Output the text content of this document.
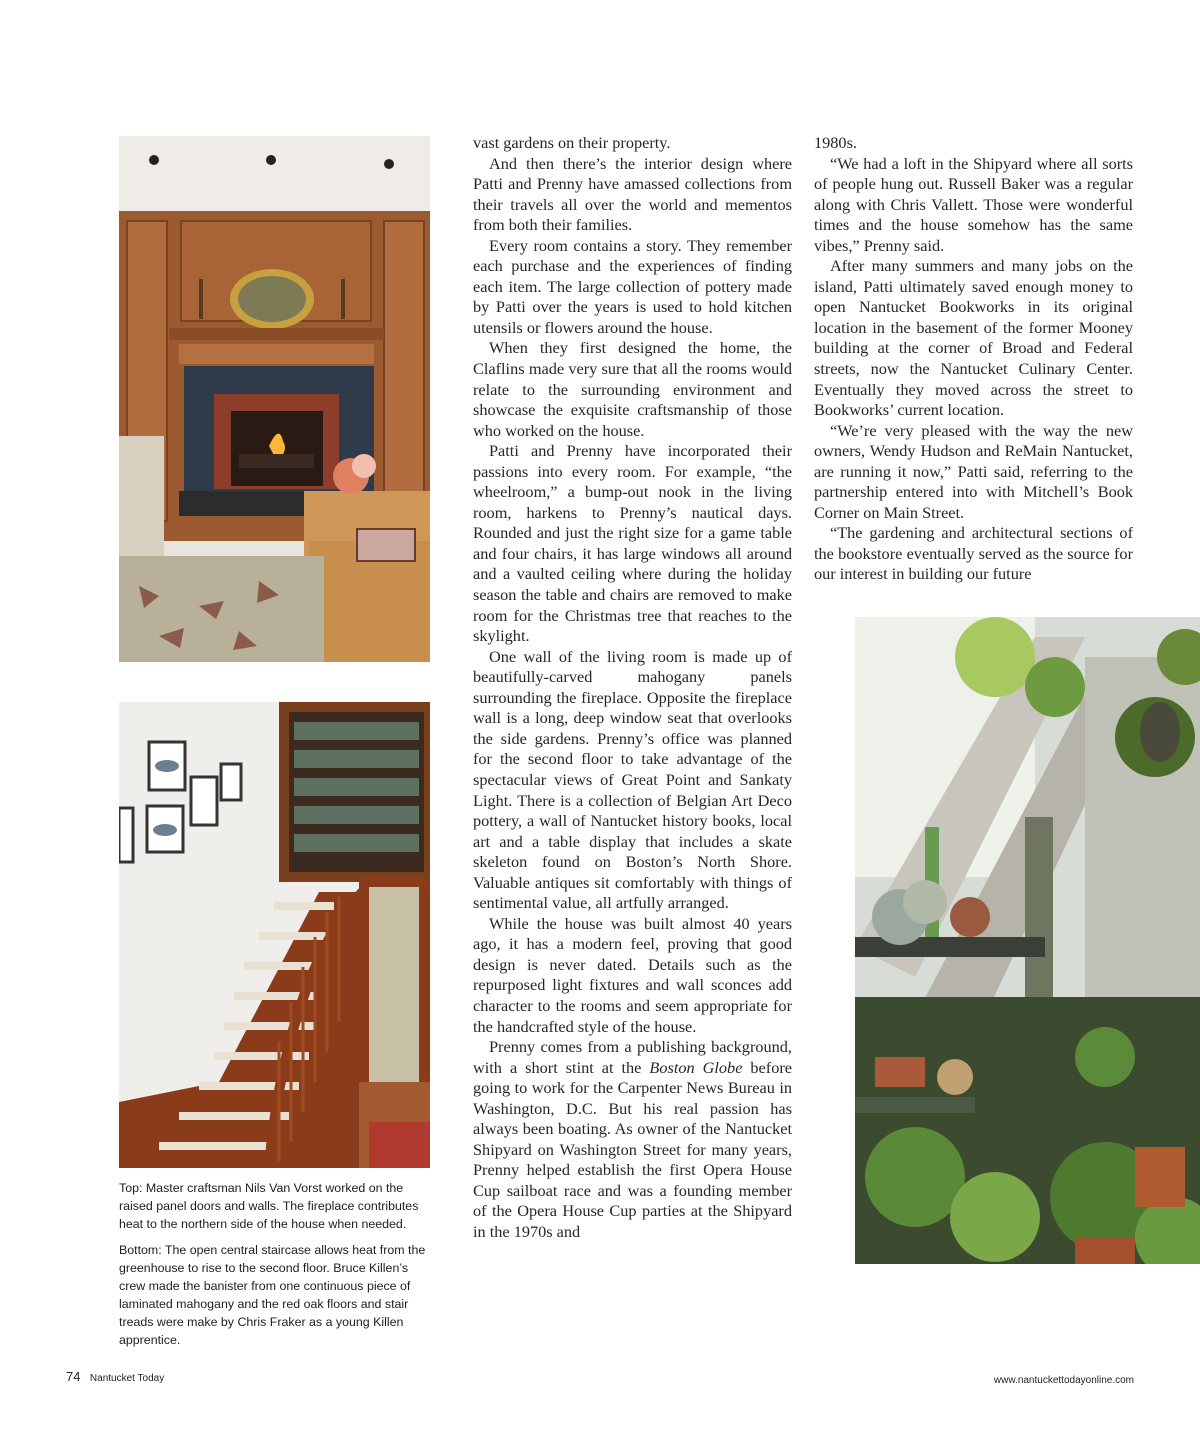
Top: Master craftsman Nils Van Vorst worked on the raised panel doors and walls. The fireplace contributes heat to the northern side of the house when needed.

Bottom: The open central staircase allows heat from the greenhouse to rise to the second floor. Bruce Killen’s crew made the banister from one continuous piece of laminated mahogany and the red oak floors and stair treads were make by Chris Fraker as a young Killen apprentice.

vast gardens on their property.

And then there’s the interior design where Patti and Prenny have amassed collections from their travels all over the world and mementos from both their families.

Every room contains a story. They remember each purchase and the experiences of finding each item. The large collection of pottery made by Patti over the years is used to hold kitchen utensils or flowers around the house.

When they first designed the home, the Claflins made very sure that all the rooms would relate to the surrounding environment and showcase the exquisite craftsmanship of those who worked on the house.

Patti and Prenny have incorporated their passions into every room. For example, “the wheelroom,” a bump-out nook in the living room, harkens to Prenny’s nautical days. Rounded and just the right size for a game table and four chairs, it has large windows all around and a vaulted ceiling where during the holiday season the table and chairs are removed to make room for the Christmas tree that reaches to the skylight.

One wall of the living room is made up of beautifully-carved mahogany panels surrounding the fireplace. Opposite the fireplace wall is a long, deep window seat that overlooks the side gardens. Prenny’s office was planned for the second floor to take advantage of the spectacular views of Great Point and Sankaty Light. There is a collection of Belgian Art Deco pottery, a wall of Nantucket history books, local art and a table display that includes a skate skeleton found on Boston’s North Shore. Valuable antiques sit comfortably with things of sentimental value, all artfully arranged.

While the house was built almost 40 years ago, it has a modern feel, proving that good design is never dated. Details such as the repurposed light fixtures and wall sconces add character to the rooms and seem appropriate for the handcrafted style of the house.

Prenny comes from a publishing background, with a short stint at the Boston Globe before going to work for the Carpenter News Bureau in Washington, D.C. But his real passion has always been boating. As owner of the Nantucket Shipyard on Washington Street for many years, Prenny helped establish the first Opera House Cup sailboat race and was a founding member of the Opera House Cup parties at the Shipyard in the 1970s and

1980s.

“We had a loft in the Shipyard where all sorts of people hung out. Russell Baker was a regular along with Chris Vallett. Those were wonderful times and the house somehow has the same vibes,” Prenny said.

After many summers and many jobs on the island, Patti ultimately saved enough money to open Nantucket Bookworks in its original location in the basement of the former Mooney building at the corner of Broad and Federal streets, now the Nantucket Culinary Center. Eventually they moved across the street to Bookworks’ current location.

“We’re very pleased with the way the new owners, Wendy Hudson and ReMain Nantucket, are running it now,” Patti said, referring to the partnership entered into with Mitchell’s Book Corner on Main Street.

“The gardening and architectural sections of the bookstore eventually served as the source for our interest in building our future

74 Nantucket Today	www.nantuckettodayonline.com
